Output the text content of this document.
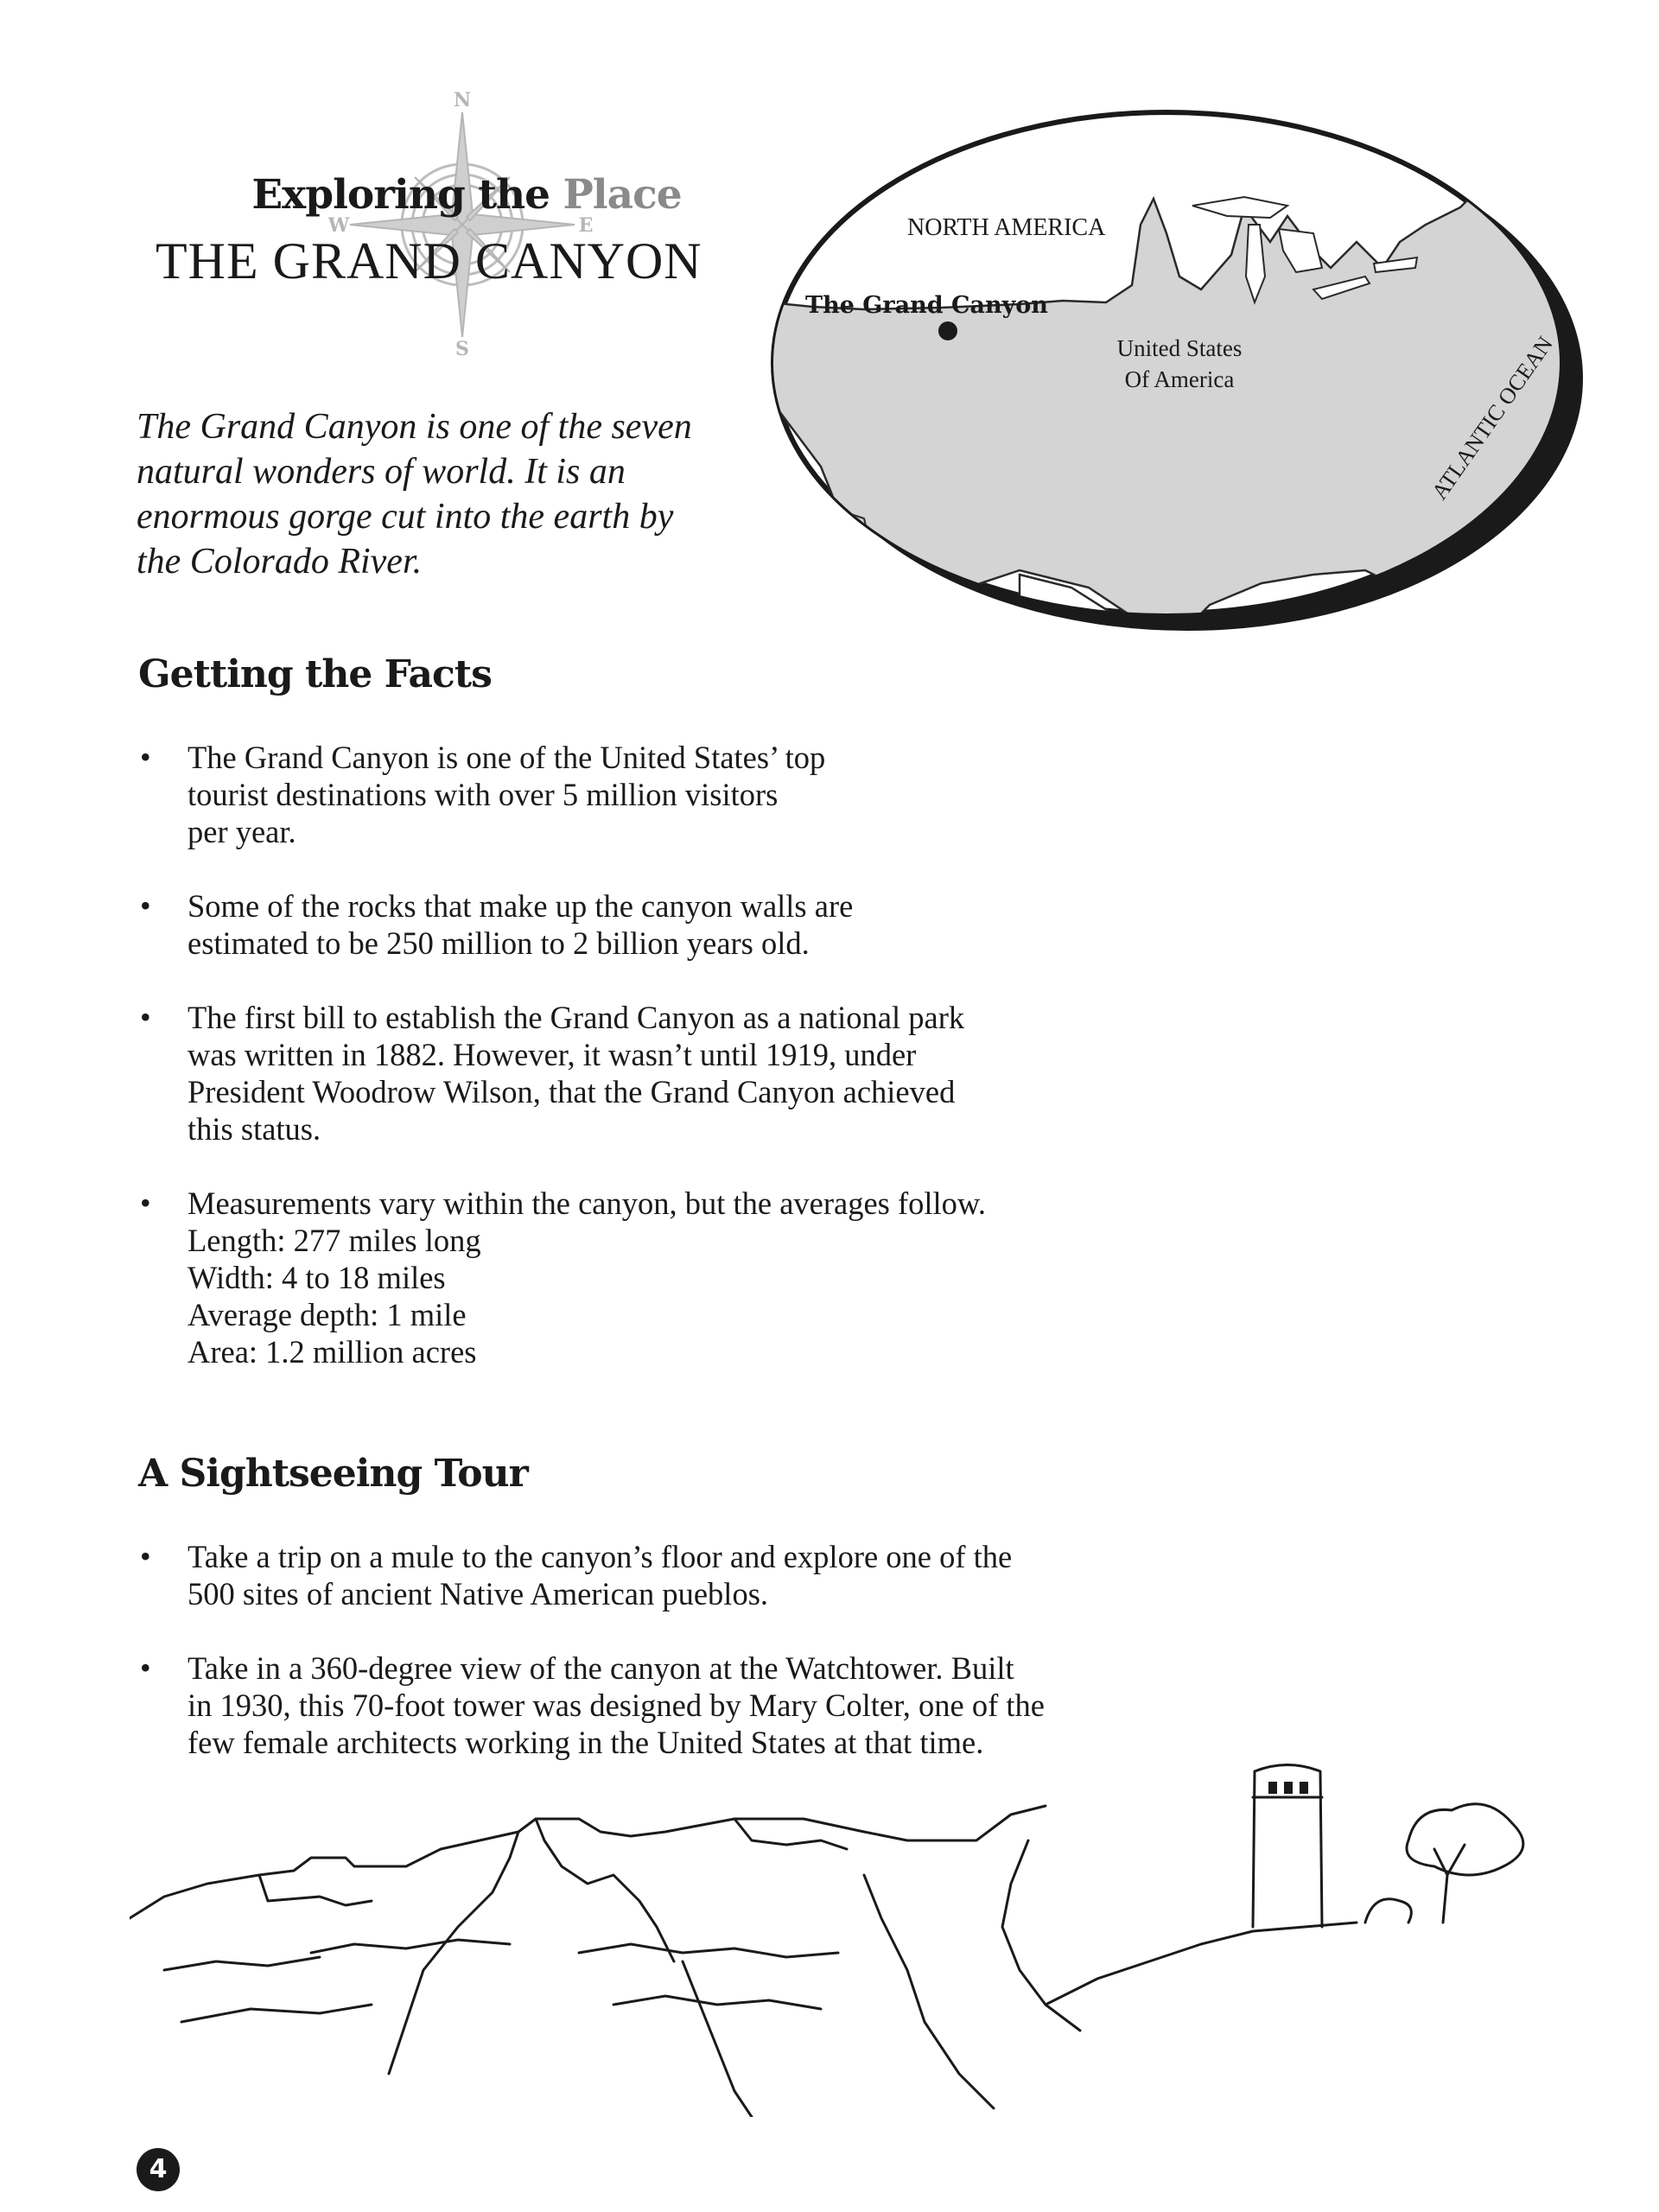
N
S
W	E
Exploring the Place
THE GRAND CANYON
NORTH AMERICA
The Grand Canyon
United States
Of America	ATLANTIC OCEAN
The Grand Canyon is one of the seven
natural wonders of world. It is an
enormous gorge cut into the earth by
the Colorado River.
Getting the Facts
• The Grand Canyon is one of the United States’ top
tourist destinations with over 5 million visitors
per year.
• Some of the rocks that make up the canyon walls are
estimated to be 250 million to 2 billion years old.
• The first bill to establish the Grand Canyon as a national park
was written in 1882. However, it wasn’t until 1919, under
President Woodrow Wilson, that the Grand Canyon achieved
this status.
• Measurements vary within the canyon, but the averages follow.
Length: 277 miles long
Width: 4 to 18 miles
Average depth: 1 mile
Area: 1.2 million acres
A Sightseeing Tour
• Take a trip on a mule to the canyon’s floor and explore one of the
500 sites of ancient Native American pueblos.
• Take in a 360-degree view of the canyon at the Watchtower. Built
in 1930, this 70-foot tower was designed by Mary Colter, one of the
few female architects working in the United States at that time.
4
